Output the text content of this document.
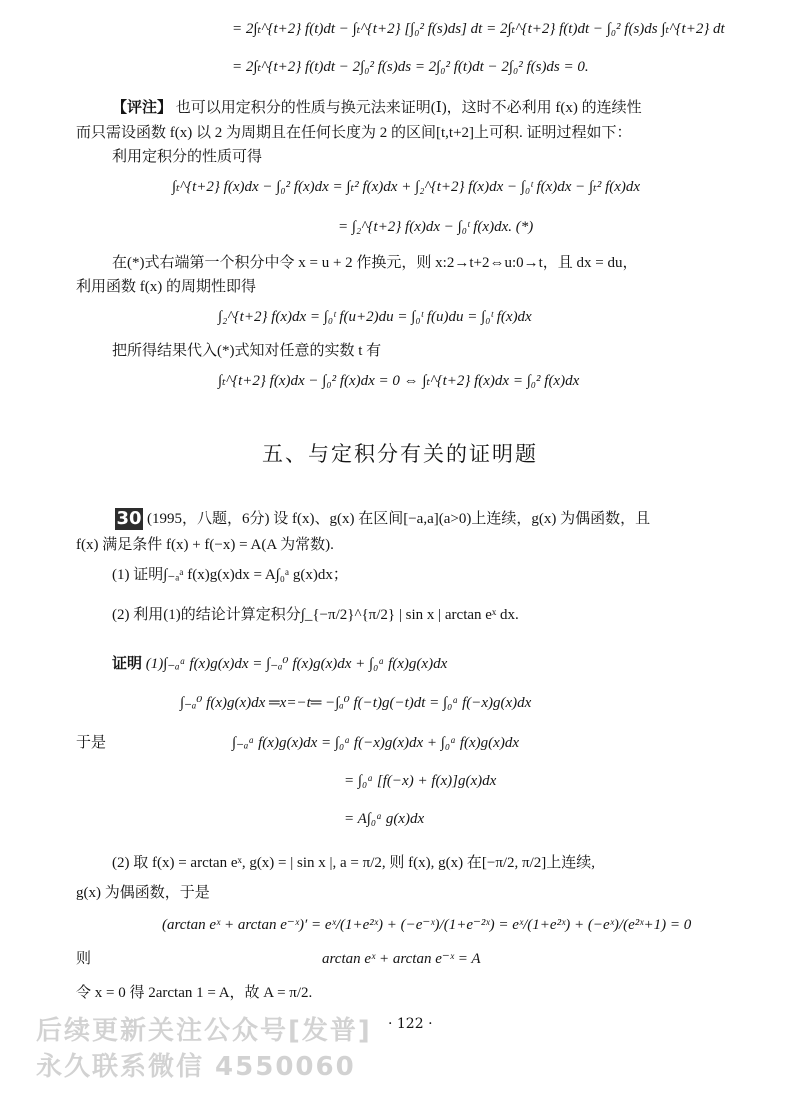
= 2∫ₜ^{t+2} f(t)dt − ∫ₜ^{t+2} [∫₀² f(s)ds] dt = 2∫ₜ^{t+2} f(t)dt − ∫₀² f(s)ds ∫ₜ^{t+2} dt
= 2∫ₜ^{t+2} f(t)dt − 2∫₀² f(s)ds = 2∫₀² f(t)dt − 2∫₀² f(s)ds = 0.
【评注】 也可以用定积分的性质与换元法来证明(Ⅰ)，这时不必利用 f(x) 的连续性
而只需设函数 f(x) 以 2 为周期且在任何长度为 2 的区间[t,t+2]上可积. 证明过程如下：
利用定积分的性质可得
∫ₜ^{t+2} f(x)dx − ∫₀² f(x)dx = ∫ₜ² f(x)dx + ∫₂^{t+2} f(x)dx − ∫₀ᵗ f(x)dx − ∫ₜ² f(x)dx
= ∫₂^{t+2} f(x)dx − ∫₀ᵗ f(x)dx. (*)
在(*)式右端第一个积分中令 x = u + 2 作换元，则 x:2→t+2⇔u:0→t，且 dx = du，
利用函数 f(x) 的周期性即得
∫₂^{t+2} f(x)dx = ∫₀ᵗ f(u+2)du = ∫₀ᵗ f(u)du = ∫₀ᵗ f(x)dx
把所得结果代入(*)式知对任意的实数 t 有
∫ₜ^{t+2} f(x)dx − ∫₀² f(x)dx = 0 ⇔ ∫ₜ^{t+2} f(x)dx = ∫₀² f(x)dx
五、与定积分有关的证明题
30 (1995，八题，6分) 设 f(x)、g(x) 在区间[−a,a](a>0)上连续，g(x) 为偶函数，且
f(x) 满足条件 f(x) + f(−x) = A(A 为常数).
(1) 证明∫₋ₐᵃ f(x)g(x)dx = A∫₀ᵃ g(x)dx；
(2) 利用(1)的结论计算定积分∫_{−π/2}^{π/2} | sin x | arctan eˣ dx.
证明 (1)∫₋ₐᵃ f(x)g(x)dx = ∫₋ₐ⁰ f(x)g(x)dx + ∫₀ᵃ f(x)g(x)dx
∫₋ₐ⁰ f(x)g(x)dx ═x=−t═ −∫ₐ⁰ f(−t)g(−t)dt = ∫₀ᵃ f(−x)g(x)dx
于是	∫₋ₐᵃ f(x)g(x)dx = ∫₀ᵃ f(−x)g(x)dx + ∫₀ᵃ f(x)g(x)dx
= ∫₀ᵃ [f(−x) + f(x)]g(x)dx
= A∫₀ᵃ g(x)dx
(2) 取 f(x) = arctan eˣ, g(x) = | sin x |, a = π/2, 则 f(x), g(x) 在[−π/2, π/2]上连续,
g(x) 为偶函数，于是
(arctan eˣ + arctan e⁻ˣ)′ = eˣ/(1+e²ˣ) + (−e⁻ˣ)/(1+e⁻²ˣ) = eˣ/(1+e²ˣ) + (−eˣ)/(e²ˣ+1) = 0
则	arctan eˣ + arctan e⁻ˣ = A
令 x = 0 得 2arctan 1 = A，故 A = π/2.
后续更新关注公众号[发普]
永久联系微信 4550060
· 122 ·
